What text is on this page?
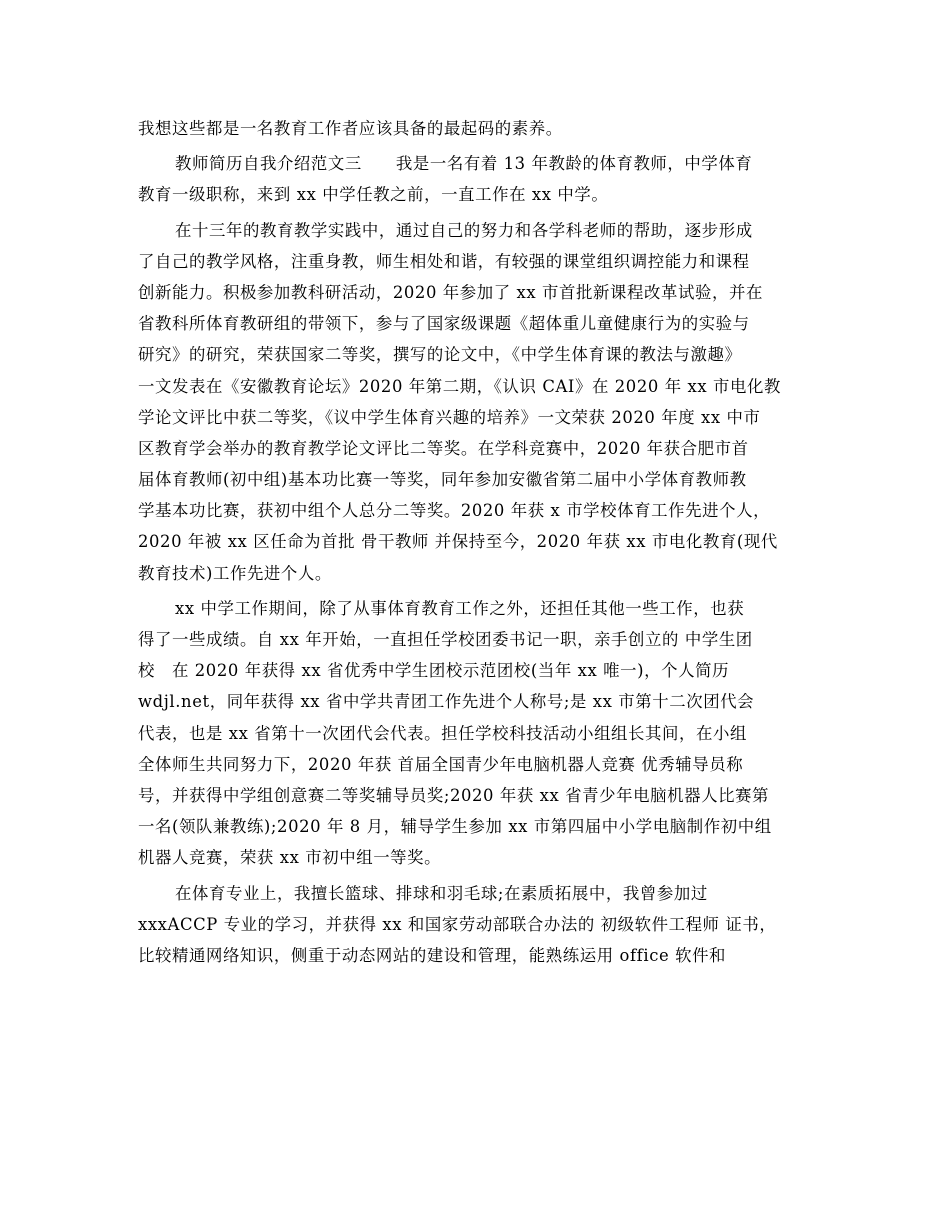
我想这些都是一名教育工作者应该具备的最起码的素养。
教师简历自我介绍范文三　　我是一名有着 13 年教龄的体育教师，中学体育
教育一级职称，来到 xx 中学任教之前，一直工作在 xx 中学。
在十三年的教育教学实践中，通过自己的努力和各学科老师的帮助，逐步形成
了自己的教学风格，注重身教，师生相处和谐，有较强的课堂组织调控能力和课程
创新能力。积极参加教科研活动，2020 年参加了 xx 市首批新课程改革试验，并在
省教科所体育教研组的带领下，参与了国家级课题《超体重儿童健康行为的实验与
研究》的研究，荣获国家二等奖，撰写的论文中，《中学生体育课的教法与激趣》
一文发表在《安徽教育论坛》2020 年第二期，《认识 CAI》在 2020 年 xx 市电化教
学论文评比中获二等奖，《议中学生体育兴趣的培养》一文荣获 2020 年度 xx 中市
区教育学会举办的教育教学论文评比二等奖。在学科竞赛中，2020 年获合肥市首
届体育教师(初中组)基本功比赛一等奖，同年参加安徽省第二届中小学体育教师教
学基本功比赛，获初中组个人总分二等奖。2020 年获 x 市学校体育工作先进个人，
2020 年被 xx 区任命为首批 骨干教师 并保持至今，2020 年获 xx 市电化教育(现代
教育技术)工作先进个人。
xx 中学工作期间，除了从事体育教育工作之外，还担任其他一些工作，也获
得了一些成绩。自 xx 年开始，一直担任学校团委书记一职，亲手创立的 中学生团
校　在 2020 年获得 xx 省优秀中学生团校示范团校(当年 xx 唯一)，个人简历
wdjl.net，同年获得 xx 省中学共青团工作先进个人称号;是 xx 市第十二次团代会
代表，也是 xx 省第十一次团代会代表。担任学校科技活动小组组长其间，在小组
全体师生共同努力下，2020 年获 首届全国青少年电脑机器人竞赛 优秀辅导员称
号，并获得中学组创意赛二等奖辅导员奖;2020 年获 xx 省青少年电脑机器人比赛第
一名(领队兼教练);2020 年 8 月，辅导学生参加 xx 市第四届中小学电脑制作初中组
机器人竞赛，荣获 xx 市初中组一等奖。
在体育专业上，我擅长篮球、排球和羽毛球;在素质拓展中，我曾参加过
xxxACCP 专业的学习，并获得 xx 和国家劳动部联合办法的 初级软件工程师 证书，
比较精通网络知识，侧重于动态网站的建设和管理，能熟练运用 office 软件和
